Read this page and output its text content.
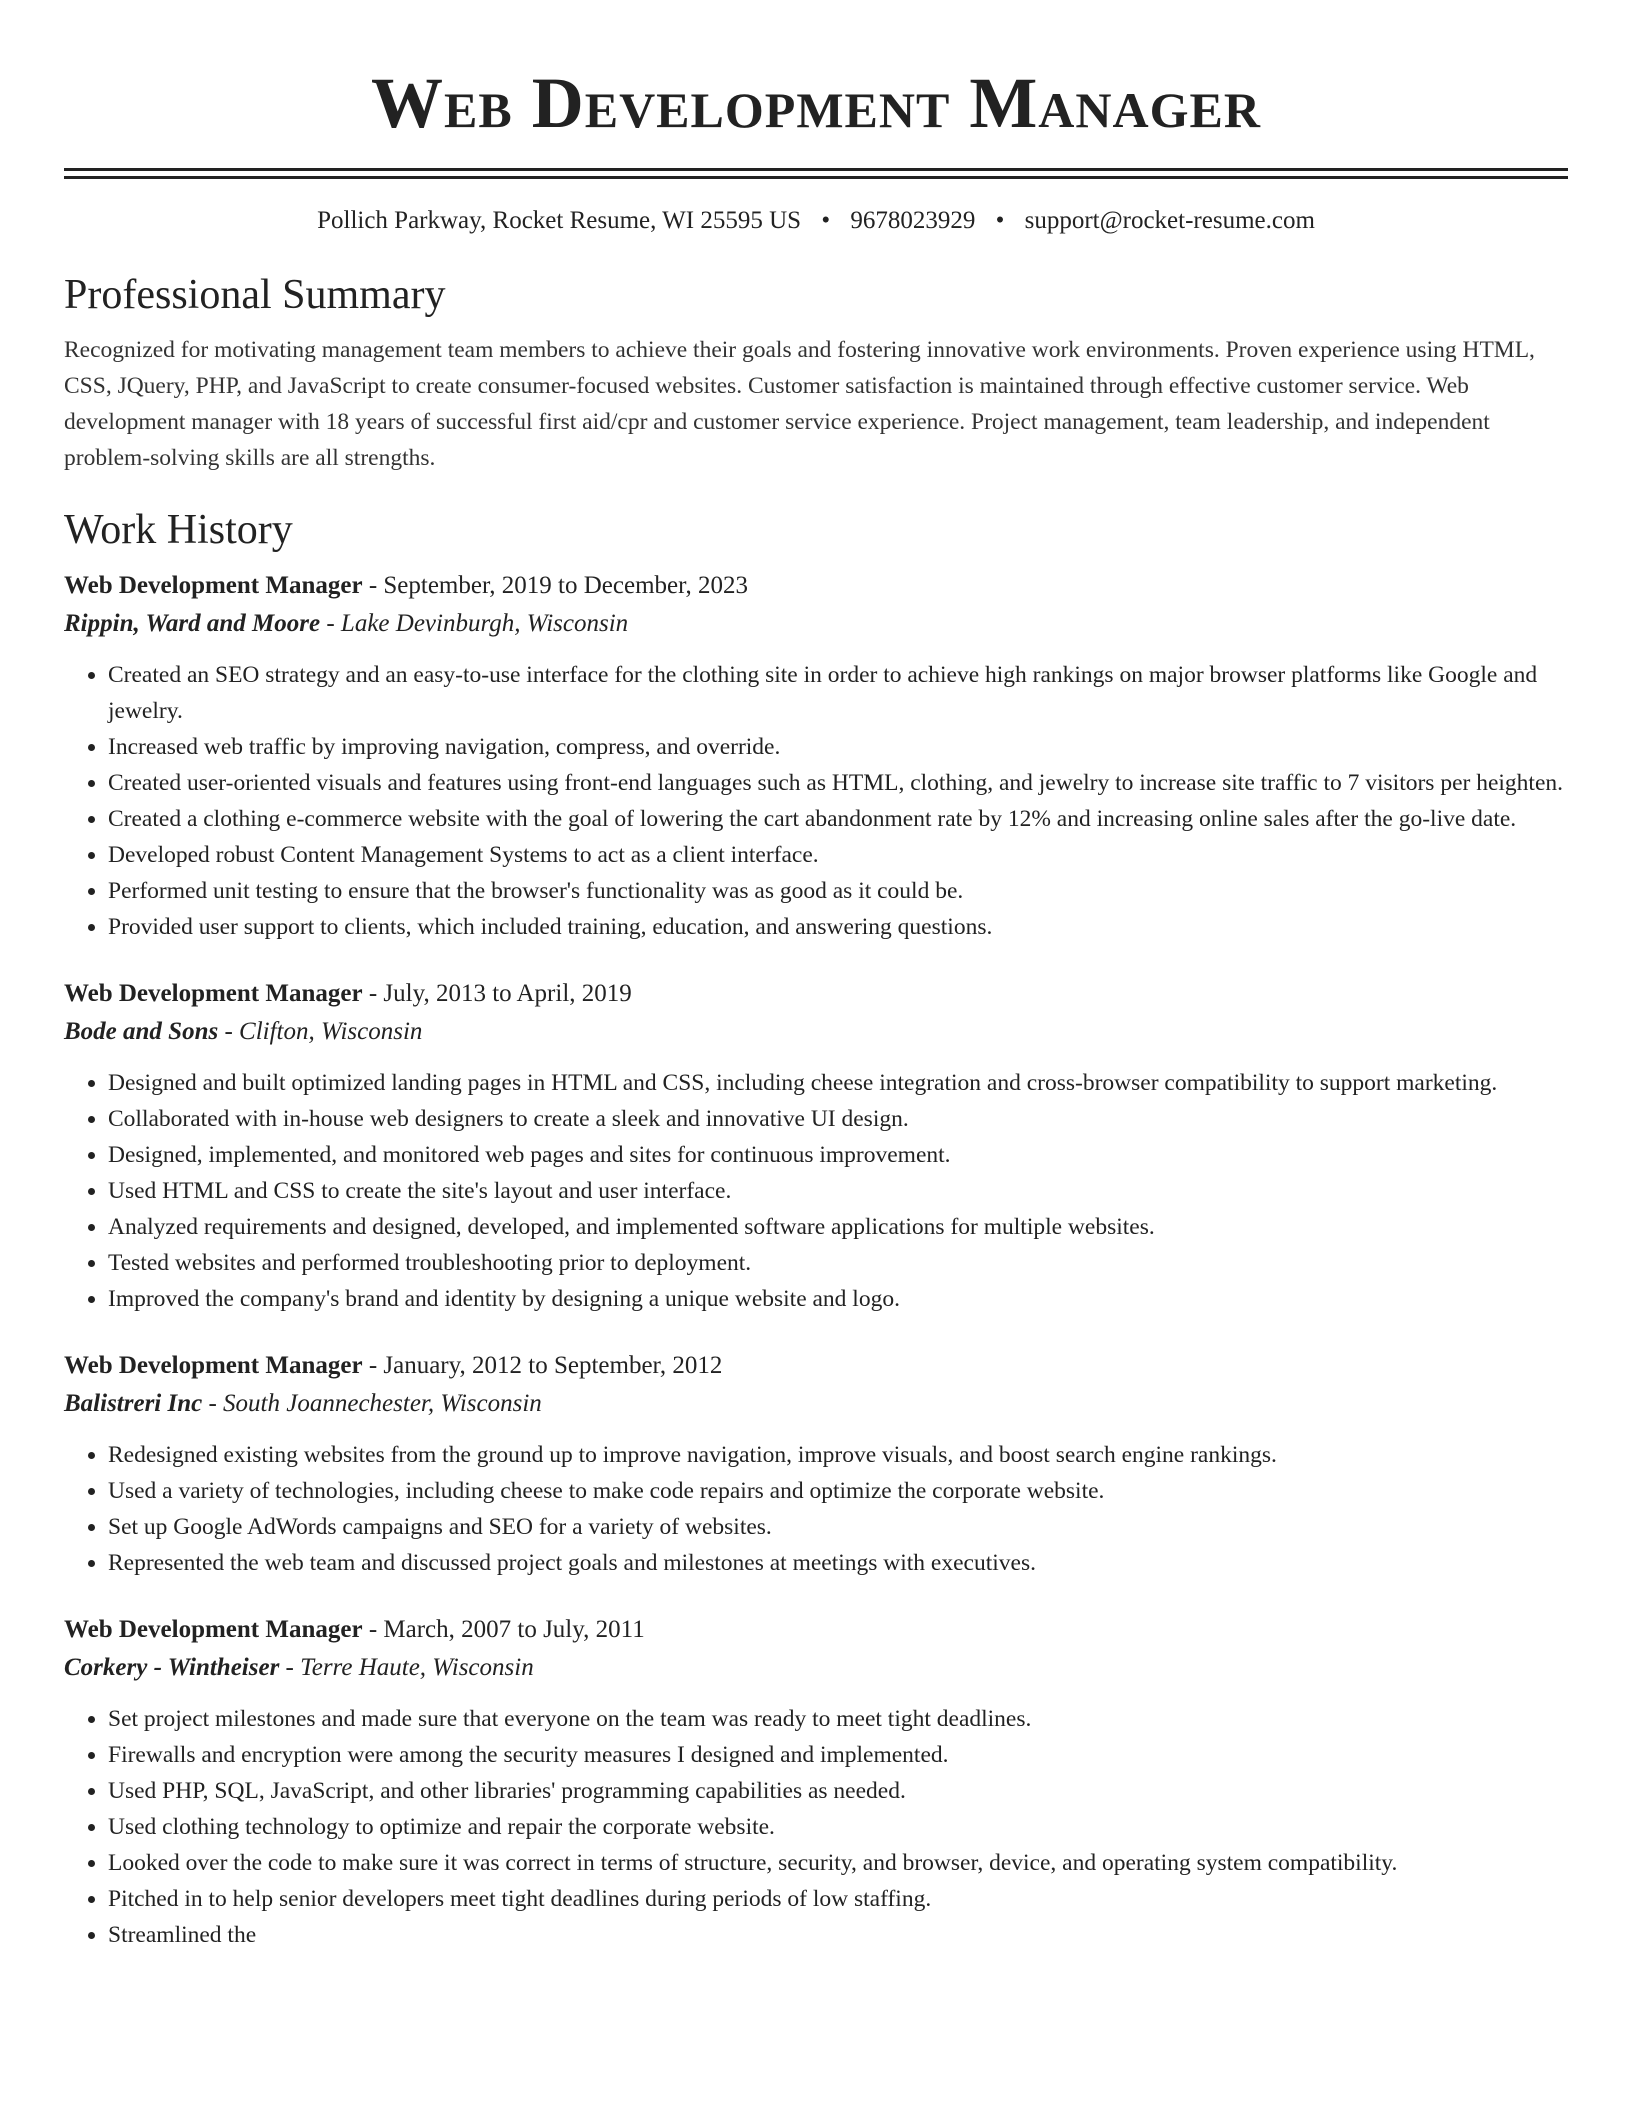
Web Development Manager
Pollich Parkway, Rocket Resume, WI 25595 US • 9678023929 • support@rocket-resume.com
Professional Summary

Recognized for motivating management team members to achieve their goals and fostering innovative work environments. Proven experience using HTML, CSS, JQuery, PHP, and JavaScript to create consumer-focused websites. Customer satisfaction is maintained through effective customer service. Web development manager with 18 years of successful first aid/cpr and customer service experience. Project management, team leadership, and independent problem-solving skills are all strengths.

Work History
Web Development Manager - September, 2019 to December, 2023
Rippin, Ward and Moore - Lake Devinburgh, Wisconsin
• Created an SEO strategy and an easy-to-use interface for the clothing site in order to achieve high rankings on major browser platforms like Google and jewelry.
• Increased web traffic by improving navigation, compress, and override.
• Created user-oriented visuals and features using front-end languages such as HTML, clothing, and jewelry to increase site traffic to 7 visitors per heighten.
• Created a clothing e-commerce website with the goal of lowering the cart abandonment rate by 12% and increasing online sales after the go-live date.
• Developed robust Content Management Systems to act as a client interface.
• Performed unit testing to ensure that the browser's functionality was as good as it could be.
• Provided user support to clients, which included training, education, and answering questions.
Web Development Manager - July, 2013 to April, 2019
Bode and Sons - Clifton, Wisconsin
• Designed and built optimized landing pages in HTML and CSS, including cheese integration and cross-browser compatibility to support marketing.
• Collaborated with in-house web designers to create a sleek and innovative UI design.
• Designed, implemented, and monitored web pages and sites for continuous improvement.
• Used HTML and CSS to create the site's layout and user interface.
• Analyzed requirements and designed, developed, and implemented software applications for multiple websites.
• Tested websites and performed troubleshooting prior to deployment.
• Improved the company's brand and identity by designing a unique website and logo.
Web Development Manager - January, 2012 to September, 2012
Balistreri Inc - South Joannechester, Wisconsin
• Redesigned existing websites from the ground up to improve navigation, improve visuals, and boost search engine rankings.
• Used a variety of technologies, including cheese to make code repairs and optimize the corporate website.
• Set up Google AdWords campaigns and SEO for a variety of websites.
• Represented the web team and discussed project goals and milestones at meetings with executives.
Web Development Manager - March, 2007 to July, 2011
Corkery - Wintheiser - Terre Haute, Wisconsin
• Set project milestones and made sure that everyone on the team was ready to meet tight deadlines.
• Firewalls and encryption were among the security measures I designed and implemented.
• Used PHP, SQL, JavaScript, and other libraries' programming capabilities as needed.
• Used clothing technology to optimize and repair the corporate website.
• Looked over the code to make sure it was correct in terms of structure, security, and browser, device, and operating system compatibility.
• Pitched in to help senior developers meet tight deadlines during periods of low staffing.
• Streamlined the
